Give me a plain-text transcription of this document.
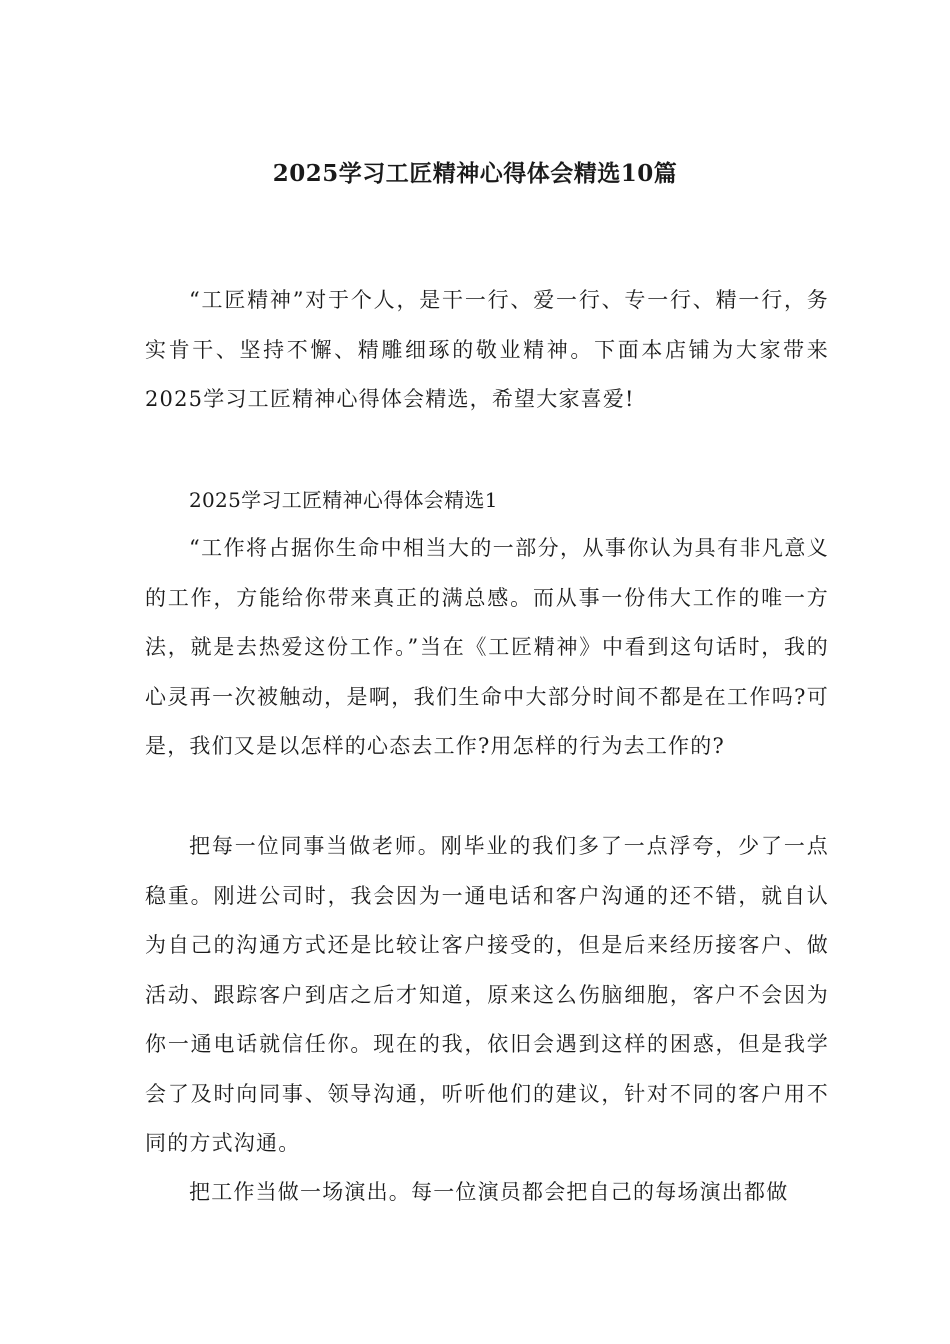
2025学习工匠精神心得体会精选10篇

“工匠精神”对于个人，是干一行、爱一行、专一行、精一行，务实肯干、坚持不懈、精雕细琢的敬业精神。下面本店铺为大家带来2025学习工匠精神心得体会精选，希望大家喜爱!

2025学习工匠精神心得体会精选1

“工作将占据你生命中相当大的一部分，从事你认为具有非凡意义的工作，方能给你带来真正的满总感。而从事一份伟大工作的唯一方法，就是去热爱这份工作。”当在《工匠精神》中看到这句话时，我的心灵再一次被触动，是啊，我们生命中大部分时间不都是在工作吗?可是，我们又是以怎样的心态去工作?用怎样的行为去工作的?

把每一位同事当做老师。刚毕业的我们多了一点浮夸，少了一点稳重。刚进公司时，我会因为一通电话和客户沟通的还不错，就自认为自己的沟通方式还是比较让客户接受的，但是后来经历接客户、做活动、跟踪客户到店之后才知道，原来这么伤脑细胞，客户不会因为你一通电话就信任你。现在的我，依旧会遇到这样的困惑，但是我学会了及时向同事、领导沟通，听听他们的建议，针对不同的客户用不同的方式沟通。

把工作当做一场演出。每一位演员都会把自己的每场演出都做
